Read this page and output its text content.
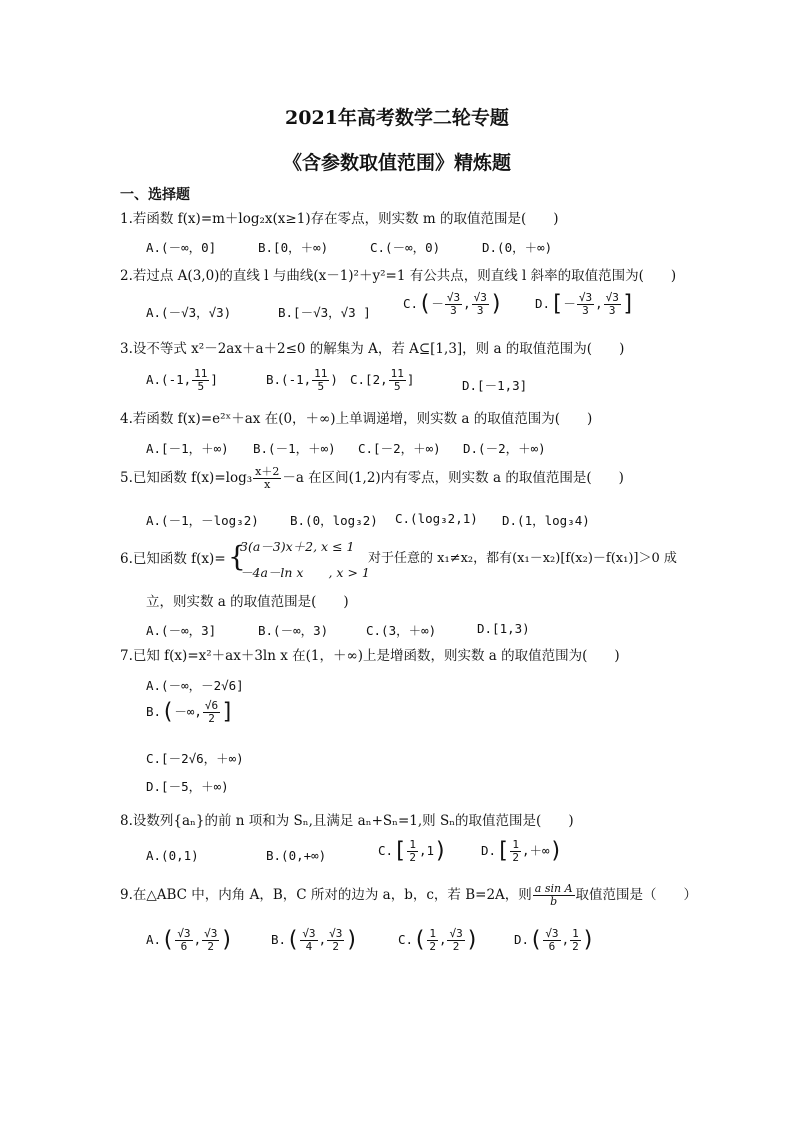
2021年高考数学二轮专题
《含参数取值范围》精炼题
一、选择题
1.若函数 f(x)=m＋log₂x(x≥1)存在零点，则实数 m 的取值范围是(　　)
A.(－∞，0]	B.[0，＋∞)	C.(－∞，0)	D.(0，＋∞)
2.若过点 A(3,0)的直线 l 与曲线(x－1)²＋y²=1 有公共点，则直线 l 斜率的取值范围为(　　)
A.(－√3，√3)	B.[－√3，√3 ]
$C.(- \frac{√3}{3}$ , $\frac{√3}{3}$ )	$D.[- \frac{√3}{3}$ , $\frac{√3}{3}$ ]
3.设不等式 x²－2ax＋a＋2≤0 的解集为 A，若 A⊆[1,3]，则 a 的取值范围为(　　)
A.(-1, $\frac{11}{5}$ ]	B.(-1, $\frac{11}{5}$ ) C.[2, $\frac{11}{5}$ ]	D.[－1,3]
4.若函数 f(x)=e²ˣ＋ax 在(0，＋∞)上单调递增，则实数 a 的取值范围为(　　)
A.[－1，＋∞) B.(－1，＋∞) C.[－2，＋∞) D.(－2，＋∞)
5.已知函数 $f(x)=\log_3 \frac{x+2}{x} -a$ 在区间(1,2)内有零点，则实数 a 的取值范围是(　　)
A.(－1，－log₃2) B.(0，log₃2) C.(log₃2,1) D.(1，log₃4)
6.已知函数 f(x)= {
3(a－3)x＋2, x ≤ 1
－4a－ln x　　, x > 1
对于任意的 x₁≠x₂，都有(x₁－x₂)[f(x₂)－f(x₁)]＞0 成
立，则实数 a 的取值范围是(　　)
A.(－∞，3]	B.(－∞，3)	C.(3，＋∞)	D.[1,3)
7.已知 f(x)=x²＋ax＋3ln x 在(1，＋∞)上是增函数，则实数 a 的取值范围为(　　)
A.(－∞，－2√6]
B.(－∞, $\frac{√6}{2}$ ]
C.[－2√6，＋∞)
D.[－5，＋∞)
8.设数列{aₙ}的前 n 项和为 Sₙ,且满足 aₙ+Sₙ=1,则 Sₙ的取值范围是(　　)
A.(0,1)	B.(0,+∞)	$C.[ \frac{1}{2} ,1)$	$D.[ \frac{1}{2}$ ,＋∞)
9.在△ABC 中，内角 A，B，C 所对的边为 a，b，c，若 B=2A，则 $\frac{\text{a sin A}}{b}$ 取值范围是（　　）
$A.( \frac{√3}{6}$ , $\frac{√3}{2}$ )	$B.( \frac{√3}{4}$ , $\frac{√3}{2}$ )	$C.( \frac{1}{2}$ , $\frac{√3}{2}$ )	$D.( \frac{√3}{6}$ , $\frac{1}{2}$ )
